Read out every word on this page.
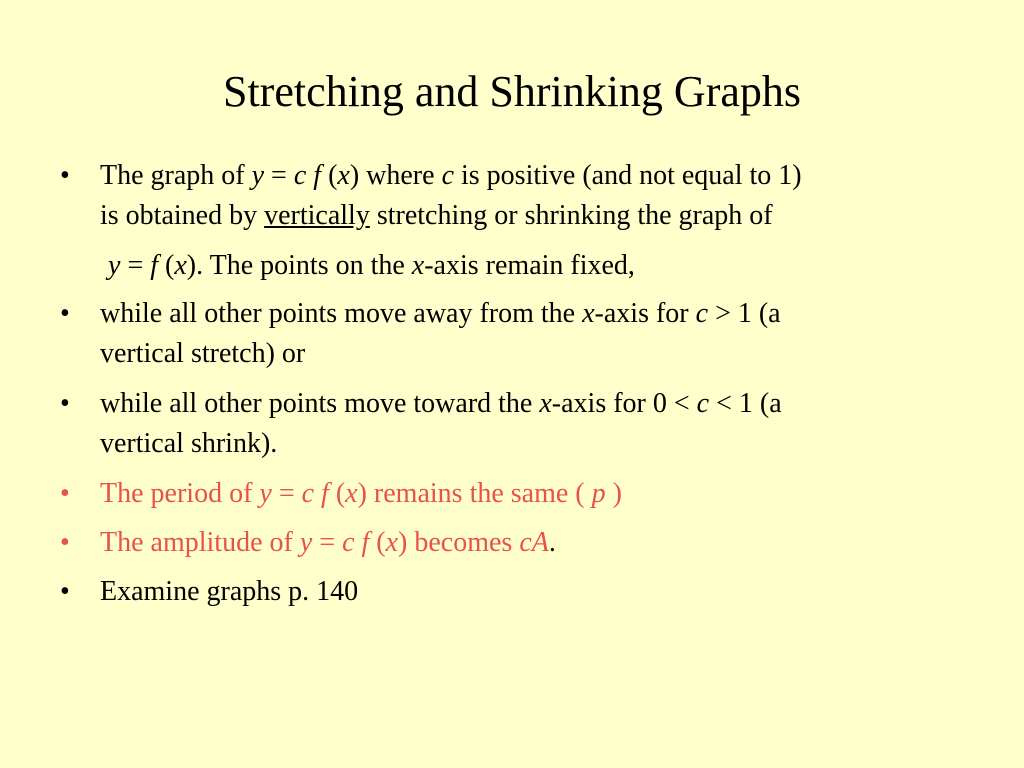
Stretching and Shrinking Graphs
•	The graph of y = c f (x) where c is positive (and not equal to 1)
is obtained by vertically stretching or shrinking the graph of
y = f (x). The points on the x-axis remain fixed,
•	while all other points move away from the x-axis for c > 1 (a
vertical stretch) or
•	while all other points move toward the x-axis for 0 < c < 1 (a
vertical shrink).
•	The period of y = c f (x) remains the same ( p )
•	The amplitude of y = c f (x) becomes cA.
•	Examine graphs p. 140
